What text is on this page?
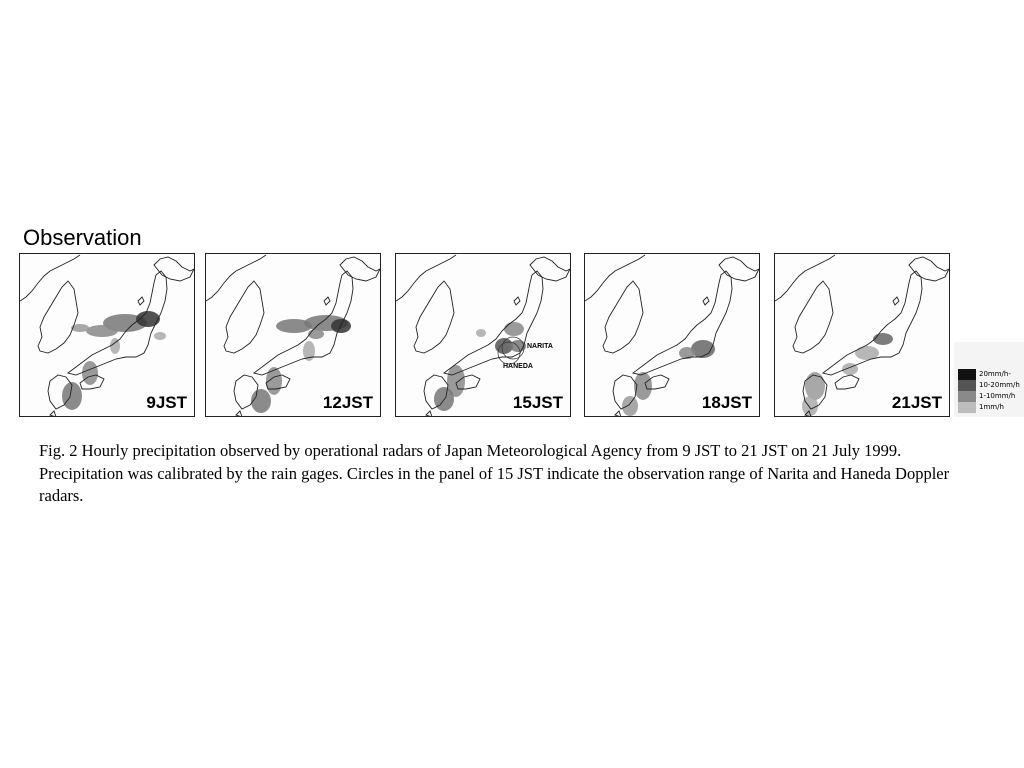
Observation
9JST	12JST
NARITA
HANEDA
15JST	18JST	21JST
20mm/h-
10-20mm/h
1-10mm/h
1mm/h
Fig. 2 Hourly precipitation observed by operational radars of Japan Meteorological Agency from 9 JST to 21 JST on 21 July 1999. Precipitation was calibrated by the rain gages. Circles in the panel of 15 JST indicate the observation range of Narita and Haneda Doppler radars.
